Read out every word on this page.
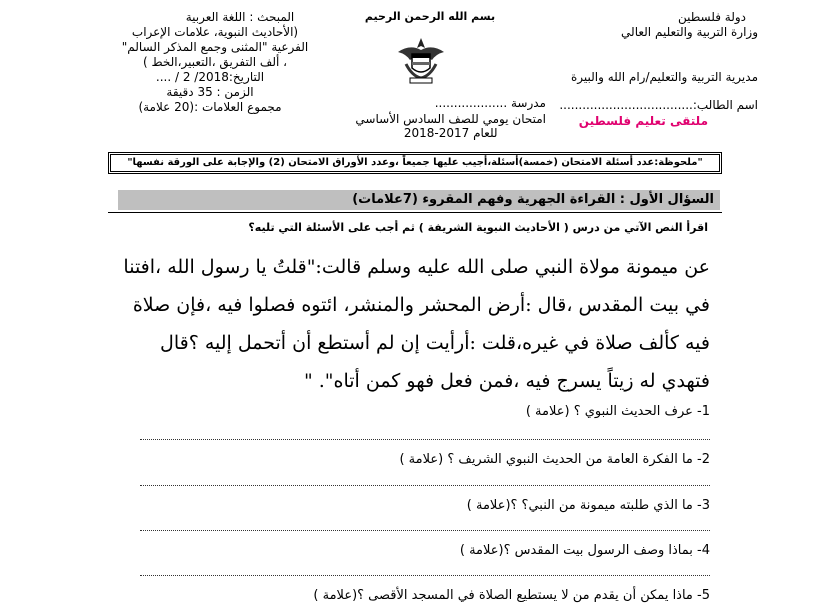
دولة فلسطين
وزارة التربية والتعليم العالي
مديرية التربية والتعليم/رام الله والبيرة
بسم الله الرحمن الرحيم
المبحث : اللغة العربية
(الأحاديث النبوية، علامات الإعراب الفرعية "المثنى وجمع المذكر السالم" ، ألف التفريق ،التعبير،الخط )
التاريخ:2018/ 2 / ....
الزمن : 35 دقيقة
مجموع العلامات :(20 علامة)	مدرسة ...................
امتحان يومي للصف السادس الأساسي
للعام 2017-2018
اسم الطالب:...................................
ملتقى تعليم فلسطين
"ملحوظة:عدد أسئلة الامتحان (خمسة)أسئلة،أجيب عليها جميعاً ،وعدد الأوراق الامتحان (2) والإجابة على الورقة نفسها"
السؤال الأول : القراءة الجهرية وفهم المقروء (7علامات)
اقرأ النص الآتي من درس ( الأحاديث النبوية الشريفة ) ثم أجب على الأسئلة التي تليه؟
عن ميمونة مولاة النبي صلى الله عليه وسلم قالت:"قلتُ يا رسول الله ،افتنا
في بيت المقدس ،قال :أرض المحشر والمنشر، ائتوه فصلوا فيه ،فإن صلاة
فيه كألف صلاة في غيره،قلت :أرأيت إن لم أستطع أن أتحمل إليه ؟قال
فتهدي له زيتاً يسرج فيه ،فمن فعل فهو كمن أتاه". "
1- عرف الحديث النبوي ؟ (علامة )
2- ما الفكرة العامة من الحديث النبوي الشريف ؟ (علامة )
3- ما الذي طلبته ميمونة من النبي؟ ؟(علامة )
4- بماذا وصف الرسول بيت المقدس ؟(علامة )
5- ماذا يمكن أن يقدم من لا يستطيع الصلاة في المسجد الأقصى ؟(علامة )
